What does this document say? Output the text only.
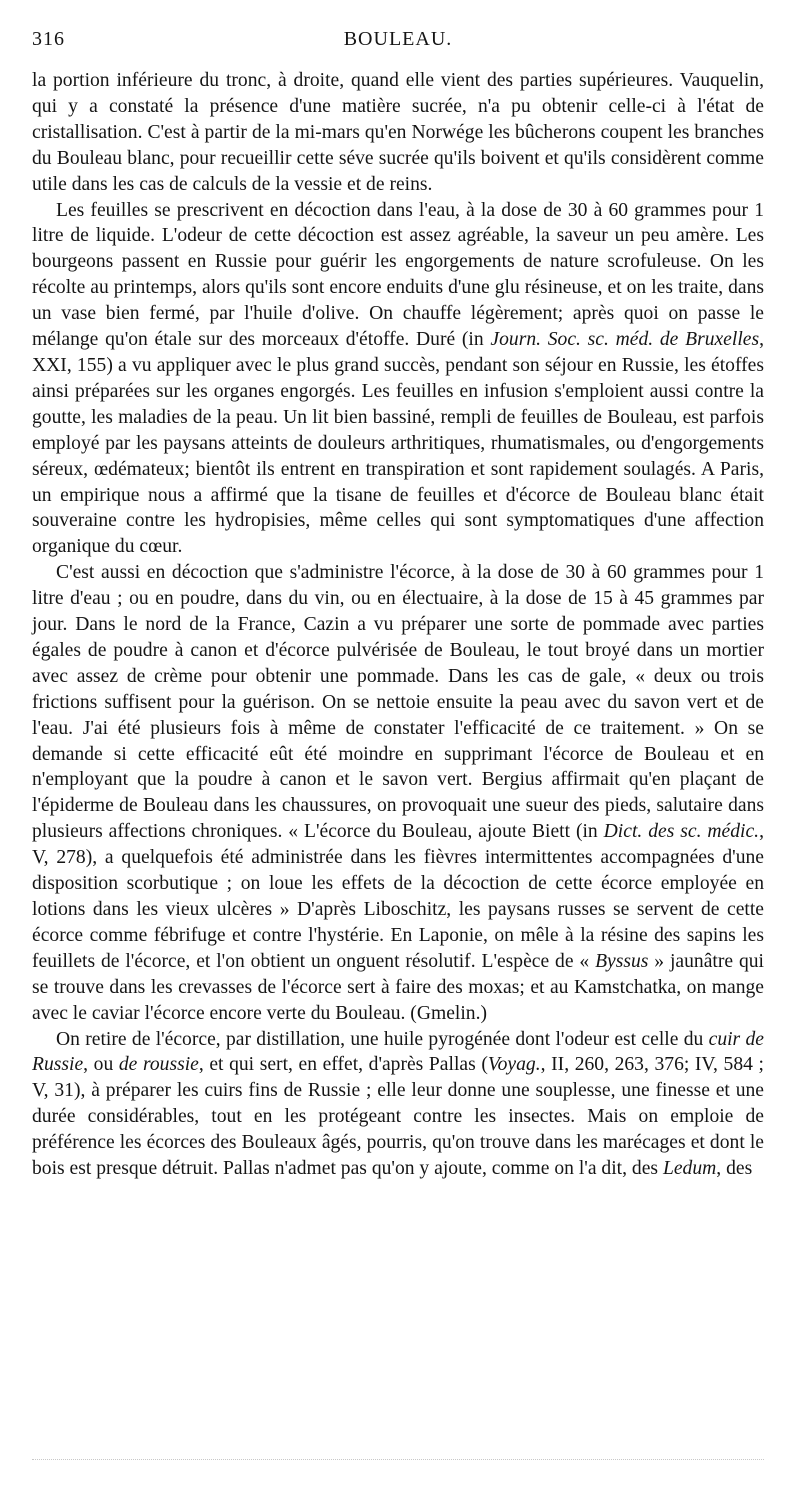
316	BOULEAU.

la portion inférieure du tronc, à droite, quand elle vient des parties supérieures. Vauquelin, qui y a constaté la présence d'une matière sucrée, n'a pu obtenir celle-ci à l'état de cristallisation. C'est à partir de la mi-mars qu'en Norwége les bûcherons coupent les branches du Bouleau blanc, pour recueillir cette séve sucrée qu'ils boivent et qu'ils considèrent comme utile dans les cas de calculs de la vessie et de reins.

Les feuilles se prescrivent en décoction dans l'eau, à la dose de 30 à 60 grammes pour 1 litre de liquide. L'odeur de cette décoction est assez agréable, la saveur un peu amère. Les bourgeons passent en Russie pour guérir les engorgements de nature scrofuleuse. On les récolte au printemps, alors qu'ils sont encore enduits d'une glu résineuse, et on les traite, dans un vase bien fermé, par l'huile d'olive. On chauffe légèrement; après quoi on passe le mélange qu'on étale sur des morceaux d'étoffe. Duré (in Journ. Soc. sc. méd. de Bruxelles, XXI, 155) a vu appliquer avec le plus grand succès, pendant son séjour en Russie, les étoffes ainsi préparées sur les organes engorgés. Les feuilles en infusion s'emploient aussi contre la goutte, les maladies de la peau. Un lit bien bassiné, rempli de feuilles de Bouleau, est parfois employé par les paysans atteints de douleurs arthritiques, rhumatismales, ou d'engorgements séreux, œdémateux; bientôt ils entrent en transpiration et sont rapidement soulagés. A Paris, un empirique nous a affirmé que la tisane de feuilles et d'écorce de Bouleau blanc était souveraine contre les hydropisies, même celles qui sont symptomatiques d'une affection organique du cœur.

C'est aussi en décoction que s'administre l'écorce, à la dose de 30 à 60 grammes pour 1 litre d'eau ; ou en poudre, dans du vin, ou en électuaire, à la dose de 15 à 45 grammes par jour. Dans le nord de la France, Cazin a vu préparer une sorte de pommade avec parties égales de poudre à canon et d'écorce pulvérisée de Bouleau, le tout broyé dans un mortier avec assez de crème pour obtenir une pommade. Dans les cas de gale, « deux ou trois frictions suffisent pour la guérison. On se nettoie ensuite la peau avec du savon vert et de l'eau. J'ai été plusieurs fois à même de constater l'efficacité de ce traitement. » On se demande si cette efficacité eût été moindre en supprimant l'écorce de Bouleau et en n'employant que la poudre à canon et le savon vert. Bergius affirmait qu'en plaçant de l'épiderme de Bouleau dans les chaussures, on provoquait une sueur des pieds, salutaire dans plusieurs affections chroniques. « L'écorce du Bouleau, ajoute Biett (in Dict. des sc. médic., V, 278), a quelquefois été administrée dans les fièvres intermittentes accompagnées d'une disposition scorbutique ; on loue les effets de la décoction de cette écorce employée en lotions dans les vieux ulcères » D'après Liboschitz, les paysans russes se servent de cette écorce comme fébrifuge et contre l'hystérie. En Laponie, on mêle à la résine des sapins les feuillets de l'écorce, et l'on obtient un onguent résolutif. L'espèce de « Byssus » jaunâtre qui se trouve dans les crevasses de l'écorce sert à faire des moxas; et au Kamstchatka, on mange avec le caviar l'écorce encore verte du Bouleau. (Gmelin.)

On retire de l'écorce, par distillation, une huile pyrogénée dont l'odeur est celle du cuir de Russie, ou de roussie, et qui sert, en effet, d'après Pallas (Voyag., II, 260, 263, 376; IV, 584 ; V, 31), à préparer les cuirs fins de Russie ; elle leur donne une souplesse, une finesse et une durée considérables, tout en les protégeant contre les insectes. Mais on emploie de préférence les écorces des Bouleaux âgés, pourris, qu'on trouve dans les marécages et dont le bois est presque détruit. Pallas n'admet pas qu'on y ajoute, comme on l'a dit, des Ledum, des
